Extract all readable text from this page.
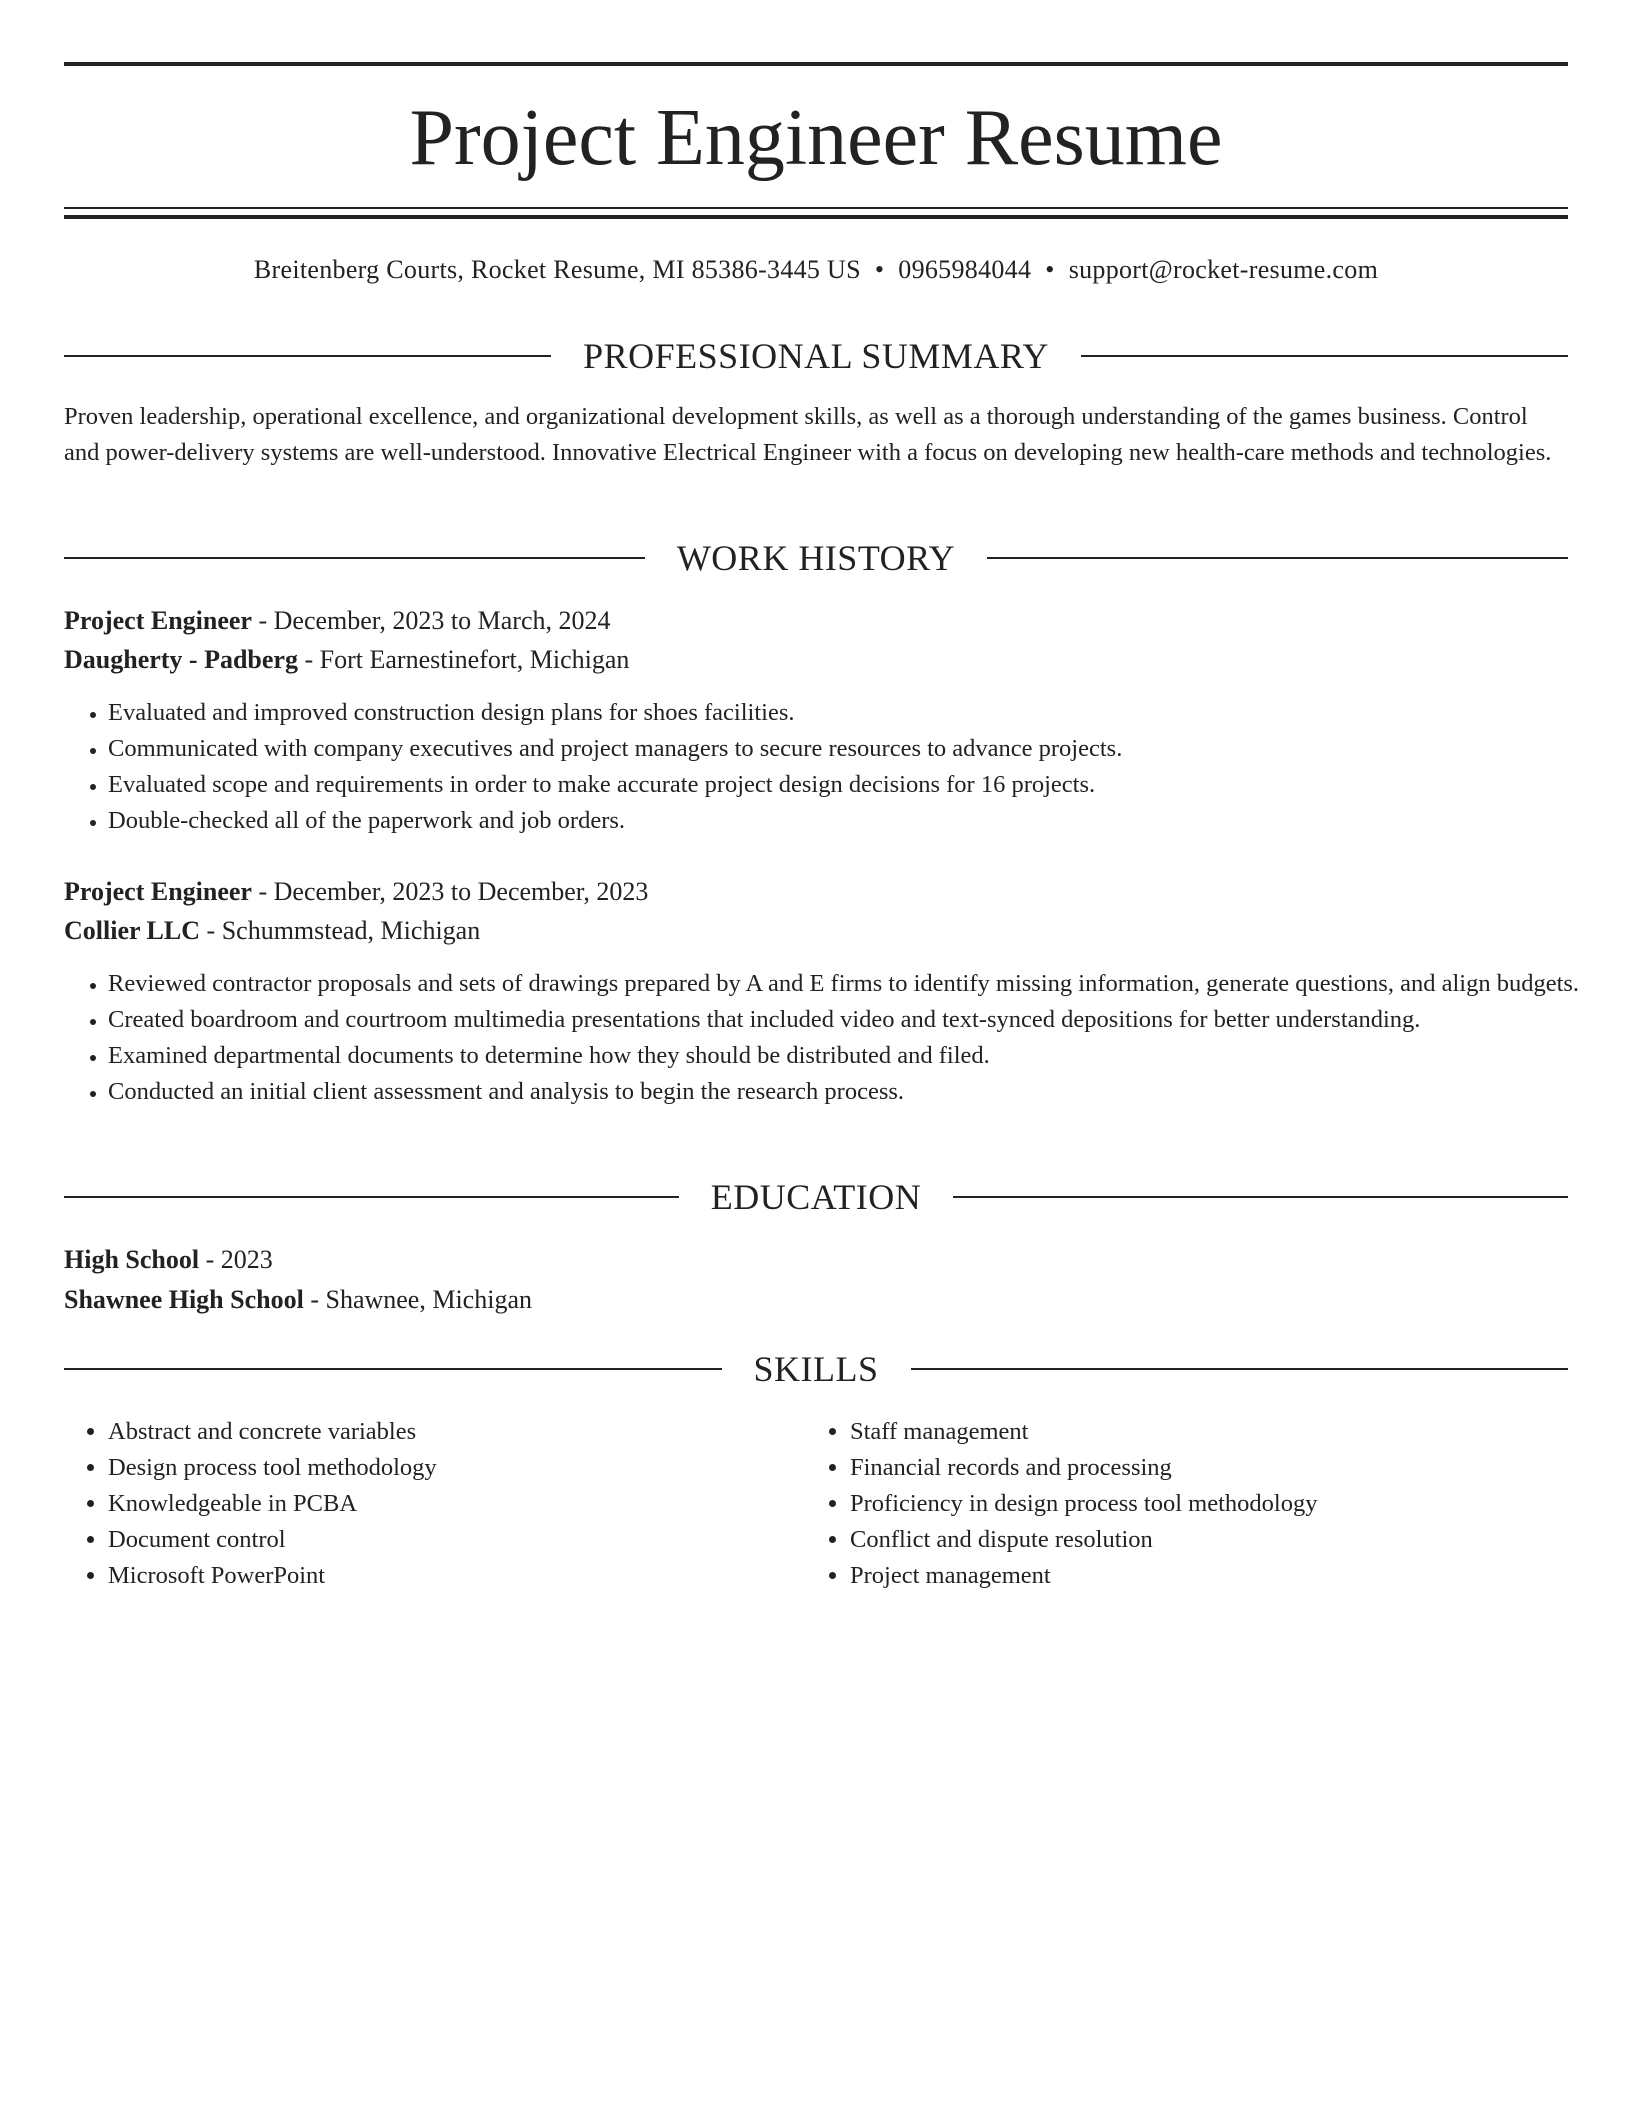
Project Engineer Resume
Breitenberg Courts, Rocket Resume, MI 85386-3445 US • 0965984044 • support@rocket-resume.com
PROFESSIONAL SUMMARY

Proven leadership, operational excellence, and organizational development skills, as well as a thorough understanding of the games business. Control and power-delivery systems are well-understood. Innovative Electrical Engineer with a focus on developing new health-care methods and technologies.

WORK HISTORY
Project Engineer - December, 2023 to March, 2024
Daugherty - Padberg - Fort Earnestinefort, Michigan
• Evaluated and improved construction design plans for shoes facilities.
• Communicated with company executives and project managers to secure resources to advance projects.
• Evaluated scope and requirements in order to make accurate project design decisions for 16 projects.
• Double-checked all of the paperwork and job orders.
Project Engineer - December, 2023 to December, 2023
Collier LLC - Schummstead, Michigan
• Reviewed contractor proposals and sets of drawings prepared by A and E firms to identify missing information, generate questions, and align budgets.
• Created boardroom and courtroom multimedia presentations that included video and text-synced depositions for better understanding.
• Examined departmental documents to determine how they should be distributed and filed.
• Conducted an initial client assessment and analysis to begin the research process.
EDUCATION
High School - 2023
Shawnee High School - Shawnee, Michigan
SKILLS
• Abstract and concrete variables
• Design process tool methodology
• Knowledgeable in PCBA
• Document control
• Microsoft PowerPoint
• Staff management
• Financial records and processing
• Proficiency in design process tool methodology
• Conflict and dispute resolution
• Project management
